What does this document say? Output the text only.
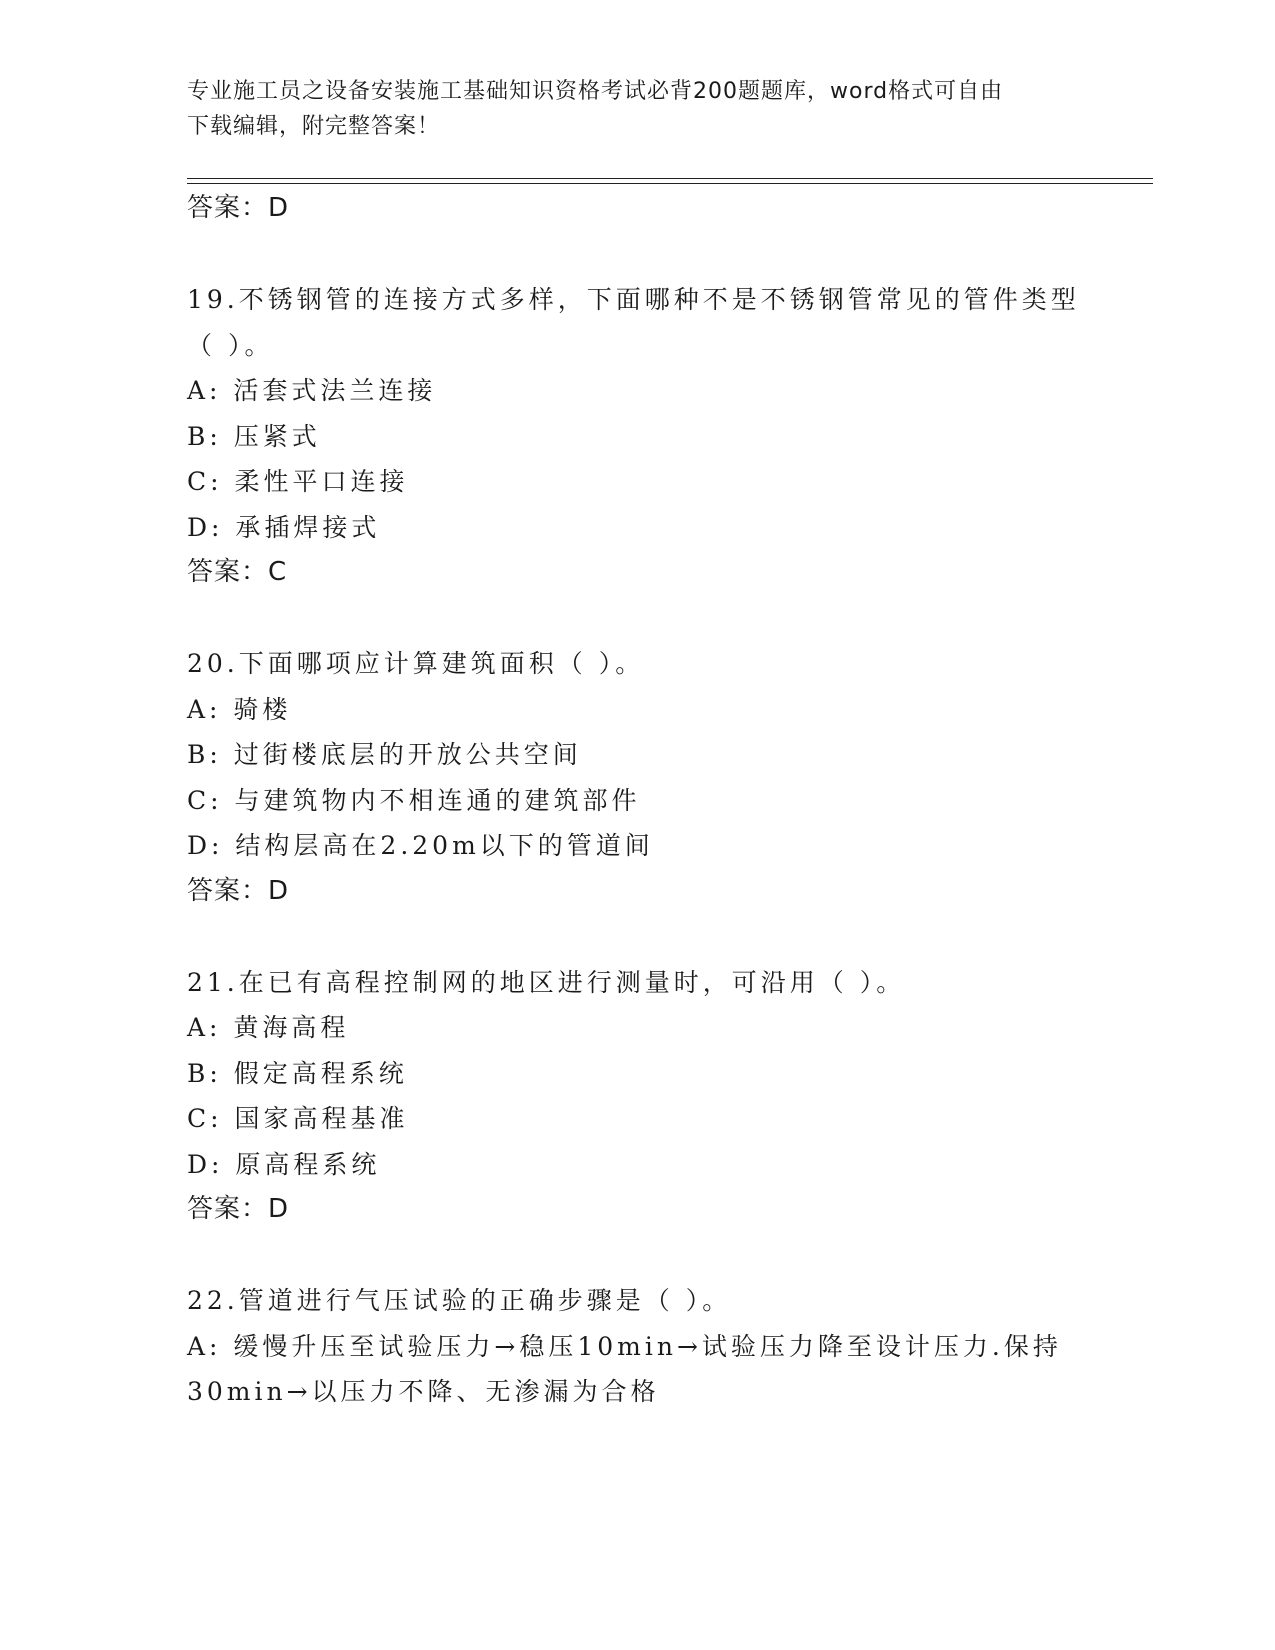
专业施工员之设备安装施工基础知识资格考试必背200题题库，word格式可自由
下载编辑，附完整答案！
答案：D
19.不锈钢管的连接方式多样，下面哪种不是不锈钢管常见的管件类型
（ ）。
A: 活套式法兰连接
B: 压紧式
C: 柔性平口连接
D: 承插焊接式
答案：C
20.下面哪项应计算建筑面积（ ）。
A: 骑楼
B: 过街楼底层的开放公共空间
C: 与建筑物内不相连通的建筑部件
D: 结构层高在2.20m以下的管道间
答案：D
21.在已有高程控制网的地区进行测量时，可沿用（ ）。
A: 黄海高程
B: 假定高程系统
C: 国家高程基准
D: 原高程系统
答案：D
22.管道进行气压试验的正确步骤是（ ）。
A: 缓慢升压至试验压力→稳压10min→试验压力降至设计压力.保持
30min→以压力不降、无渗漏为合格
